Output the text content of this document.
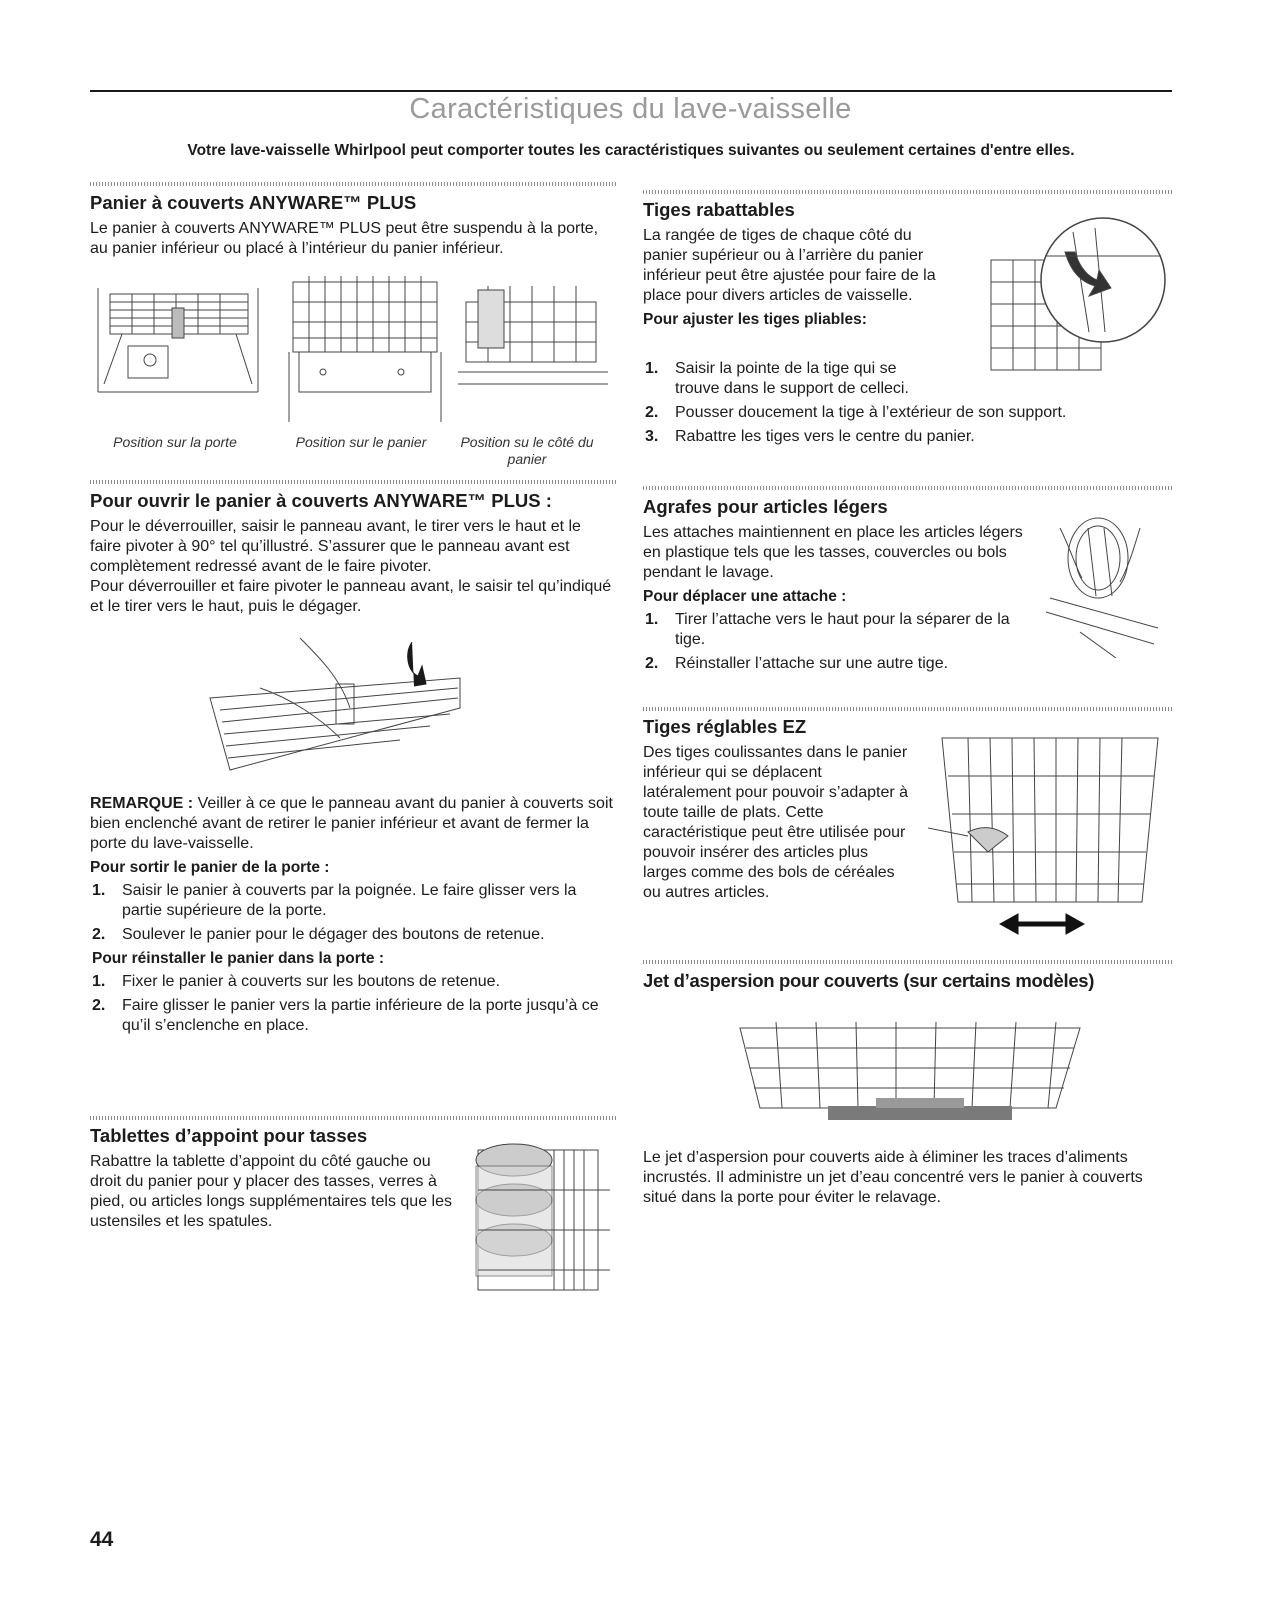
Caractéristiques du lave-vaisselle
Votre lave-vaisselle Whirlpool peut comporter toutes les caractéristiques suivantes ou seulement certaines d'entre elles.
Panier à couverts ANYWARE™ PLUS

Le panier à couverts ANYWARE™ PLUS peut être suspendu à la porte, au panier inférieur ou placé à l’intérieur du panier inférieur.

Position sur la porte	Position sur le panier	Position su le côté du panier
Pour ouvrir le panier à couverts ANYWARE™ PLUS :

Pour le déverrouiller, saisir le panneau avant, le tirer vers le haut et le faire pivoter à 90° tel qu’illustré. S’assurer que le panneau avant est complètement redressé avant de le faire pivoter.

Pour déverrouiller et faire pivoter le panneau avant, le saisir tel qu’indiqué et le tirer vers le haut, puis le dégager.

REMARQUE : Veiller à ce que le panneau avant du panier à couverts soit bien enclenché avant de retirer le panier inférieur et avant de fermer la porte du lave-vaisselle.

Pour sortir le panier de la porte :
1. Saisir le panier à couverts par la poignée. Le faire glisser vers la partie supérieure de la porte.
2. Soulever le panier pour le dégager des boutons de retenue.
Pour réinstaller le panier dans la porte :
1. Fixer le panier à couverts sur les boutons de retenue.
2. Faire glisser le panier vers la partie inférieure de la porte jusqu’à ce qu’il s’enclenche en place.
Tablettes d’appoint pour tasses

Rabattre la tablette d’appoint du côté gauche ou droit du panier pour y placer des tasses, verres à pied, ou articles longs supplémentaires tels que les ustensiles et les spatules.

Tiges rabattables

La rangée de tiges de chaque côté du panier supérieur ou à l’arrière du panier inférieur peut être ajustée pour faire de la place pour divers articles de vaisselle.

Pour ajuster les tiges pliables:
1. Saisir la pointe de la tige qui se trouve dans le support de celleci.
2. Pousser doucement la tige à l’extérieur de son support.
3. Rabattre les tiges vers le centre du panier.
Agrafes pour articles légers

Les attaches maintiennent en place les articles légers en plastique tels que les tasses, couvercles ou bols pendant le lavage.

Pour déplacer une attache :
1. Tirer l’attache vers le haut pour la séparer de la tige.
2. Réinstaller l’attache sur une autre tige.
Tiges réglables EZ

Des tiges coulissantes dans le panier inférieur qui se déplacent latéralement pour pouvoir s’adapter à toute taille de plats. Cette caractéristique peut être utilisée pour pouvoir insérer des articles plus larges comme des bols de céréales ou autres articles.

Jet d’aspersion pour couverts (sur certains modèles)

Le jet d’aspersion pour couverts aide à éliminer les traces d’aliments incrustés. Il administre un jet d’eau concentré vers le panier à couverts situé dans la porte pour éviter le relavage.

44
